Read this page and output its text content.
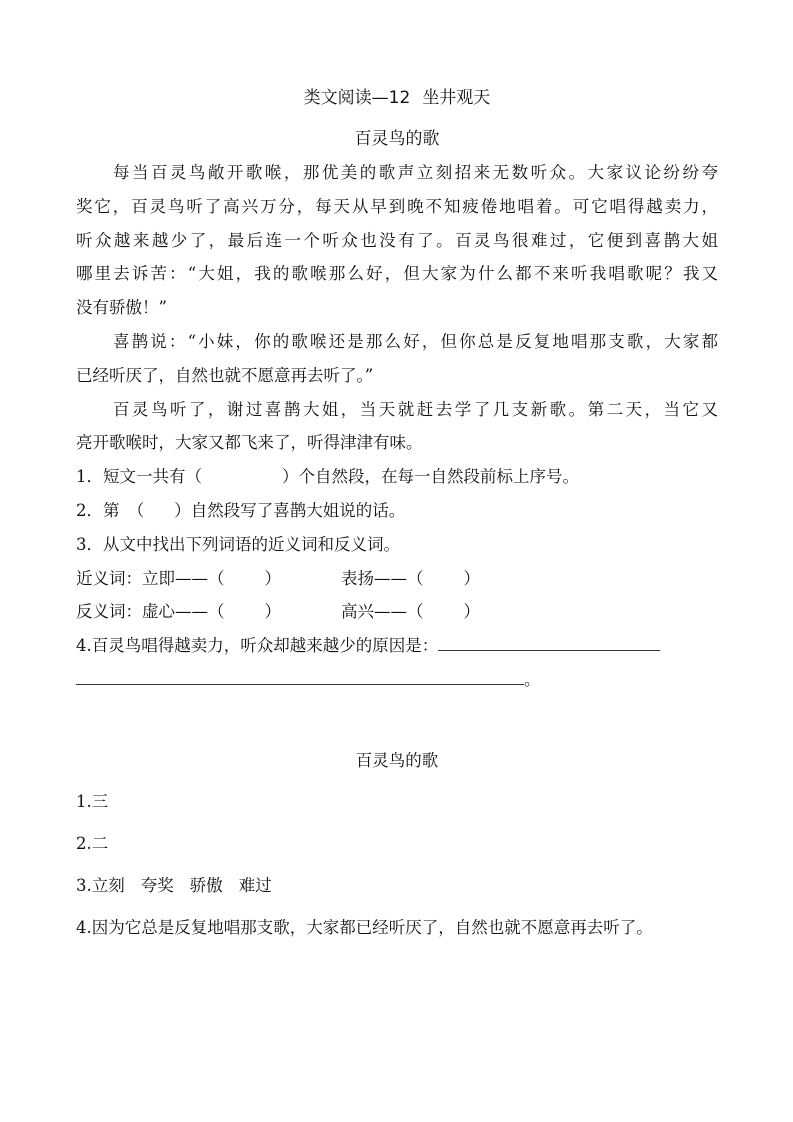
类文阅读—12 坐井观天
百灵鸟的歌
每当百灵鸟敞开歌喉，那优美的歌声立刻招来无数听众。大家议论纷纷夸
奖它，百灵鸟听了高兴万分，每天从早到晚不知疲倦地唱着。可它唱得越卖力，
听众越来越少了，最后连一个听众也没有了。百灵鸟很难过，它便到喜鹊大姐
哪里去诉苦：“大姐，我的歌喉那么好，但大家为什么都不来听我唱歌呢？我又
没有骄傲！”
喜鹊说：“小妹，你的歌喉还是那么好，但你总是反复地唱那支歌，大家都
已经听厌了，自然也就不愿意再去听了。”
百灵鸟听了，谢过喜鹊大姐，当天就赶去学了几支新歌。第二天，当它又
亮开歌喉时，大家又都飞来了，听得津津有味。
1．短文一共有（	）个自然段，在每一自然段前标上序号。
2．第　（ ）自然段写了喜鹊大姐说的话。
3．从文中找出下列词语的近义词和反义词。
近义词：立即——（ ）	表扬——（ ）
反义词：虚心——（ ）	高兴——（ ）
4.百灵鸟唱得越卖力，听众却越来越少的原因是：
。
百灵鸟的歌
1.三
2.二
3.立刻 夸奖 骄傲 难过
4.因为它总是反复地唱那支歌，大家都已经听厌了，自然也就不愿意再去听了。
